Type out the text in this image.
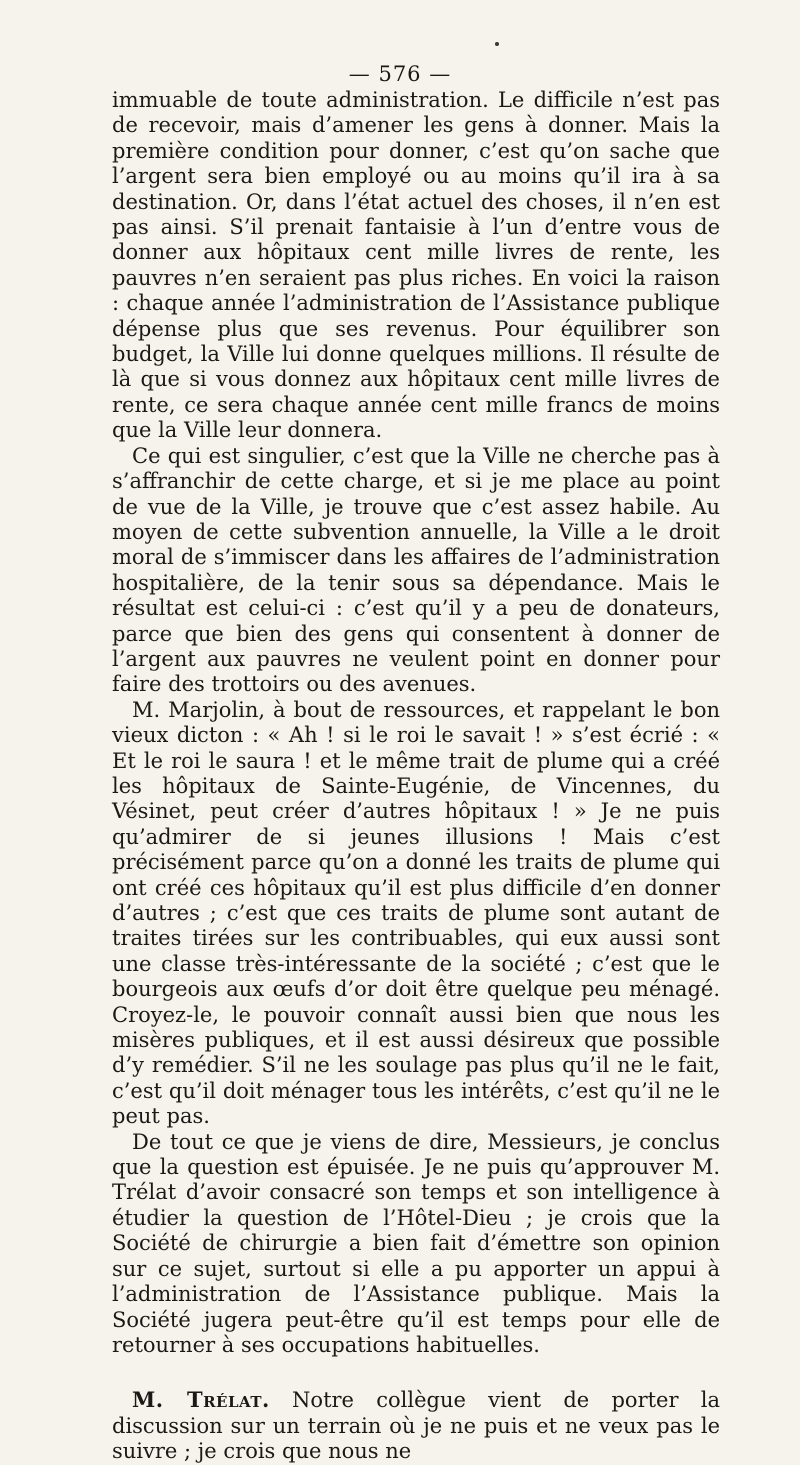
— 576 —

immuable de toute administration. Le difficile n’est pas de recevoir, mais d’amener les gens à donner. Mais la première condition pour donner, c’est qu’on sache que l’argent sera bien employé ou au moins qu’il ira à sa destination. Or, dans l’état actuel des choses, il n’en est pas ainsi. S’il prenait fantaisie à l’un d’entre vous de donner aux hôpitaux cent mille livres de rente, les pauvres n’en seraient pas plus riches. En voici la raison : chaque année l’administration de l’Assistance publique dépense plus que ses revenus. Pour équilibrer son budget, la Ville lui donne quelques millions. Il résulte de là que si vous donnez aux hôpitaux cent mille livres de rente, ce sera chaque année cent mille francs de moins que la Ville leur donnera.

Ce qui est singulier, c’est que la Ville ne cherche pas à s’affranchir de cette charge, et si je me place au point de vue de la Ville, je trouve que c’est assez habile. Au moyen de cette subvention annuelle, la Ville a le droit moral de s’immiscer dans les affaires de l’administration hospitalière, de la tenir sous sa dépendance. Mais le résultat est celui-ci : c’est qu’il y a peu de donateurs, parce que bien des gens qui consentent à donner de l’argent aux pauvres ne veulent point en donner pour faire des trottoirs ou des avenues.

M. Marjolin, à bout de ressources, et rappelant le bon vieux dicton : « Ah ! si le roi le savait ! » s’est écrié : « Et le roi le saura ! et le même trait de plume qui a créé les hôpitaux de Sainte-Eugénie, de Vincennes, du Vésinet, peut créer d’autres hôpitaux ! » Je ne puis qu’admirer de si jeunes illusions ! Mais c’est précisément parce qu’on a donné les traits de plume qui ont créé ces hôpitaux qu’il est plus difficile d’en donner d’autres ; c’est que ces traits de plume sont autant de traites tirées sur les contribuables, qui eux aussi sont une classe très-intéressante de la société ; c’est que le bourgeois aux œufs d’or doit être quelque peu ménagé. Croyez-le, le pouvoir connaît aussi bien que nous les misères publiques, et il est aussi désireux que possible d’y remédier. S’il ne les soulage pas plus qu’il ne le fait, c’est qu’il doit ménager tous les intérêts, c’est qu’il ne le peut pas.

De tout ce que je viens de dire, Messieurs, je conclus que la question est épuisée. Je ne puis qu’approuver M. Trélat d’avoir consacré son temps et son intelligence à étudier la question de l’Hôtel-Dieu ; je crois que la Société de chirurgie a bien fait d’émettre son opinion sur ce sujet, surtout si elle a pu apporter un appui à l’administration de l’Assistance publique. Mais la Société jugera peut-être qu’il est temps pour elle de retourner à ses occupations habituelles.

M. Trélat. Notre collègue vient de porter la discussion sur un terrain où je ne puis et ne veux pas le suivre ; je crois que nous ne
